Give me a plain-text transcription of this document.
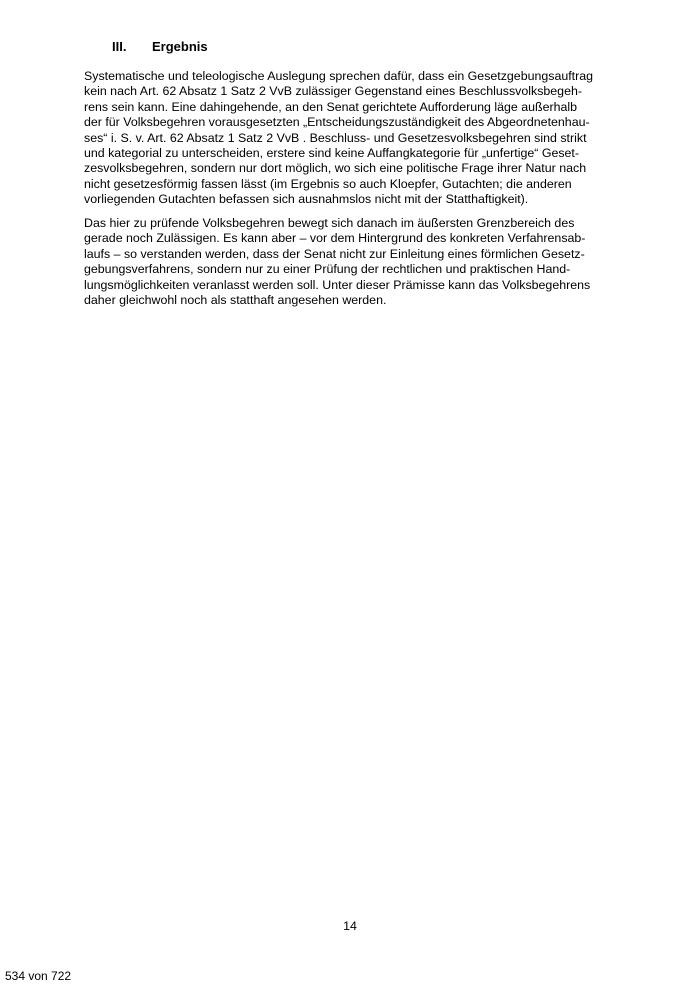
III. Ergebnis
Systematische und teleologische Auslegung sprechen dafür, dass ein Gesetzgebungsauftrag
kein nach Art. 62 Absatz 1 Satz 2 VvB zulässiger Gegenstand eines Beschlussvolksbegeh-
rens sein kann. Eine dahingehende, an den Senat gerichtete Aufforderung läge außerhalb
der für Volksbegehren vorausgesetzten „Entscheidungszuständigkeit des Abgeordnetenhau-
ses“ i. S. v. Art. 62 Absatz 1 Satz 2 VvB . Beschluss- und Gesetzesvolksbegehren sind strikt
und kategorial zu unterscheiden, erstere sind keine Auffangkategorie für „unfertige“ Geset-
zesvolksbegehren, sondern nur dort möglich, wo sich eine politische Frage ihrer Natur nach
nicht gesetzesförmig fassen lässt (im Ergebnis so auch Kloepfer, Gutachten; die anderen
vorliegenden Gutachten befassen sich ausnahmslos nicht mit der Statthaftigkeit).
Das hier zu prüfende Volksbegehren bewegt sich danach im äußersten Grenzbereich des
gerade noch Zulässigen. Es kann aber – vor dem Hintergrund des konkreten Verfahrensab-
laufs – so verstanden werden, dass der Senat nicht zur Einleitung eines förmlichen Gesetz-
gebungsverfahrens, sondern nur zu einer Prüfung der rechtlichen und praktischen Hand-
lungsmöglichkeiten veranlasst werden soll. Unter dieser Prämisse kann das Volksbegehrens
daher gleichwohl noch als statthaft angesehen werden.
14
534 von 722
